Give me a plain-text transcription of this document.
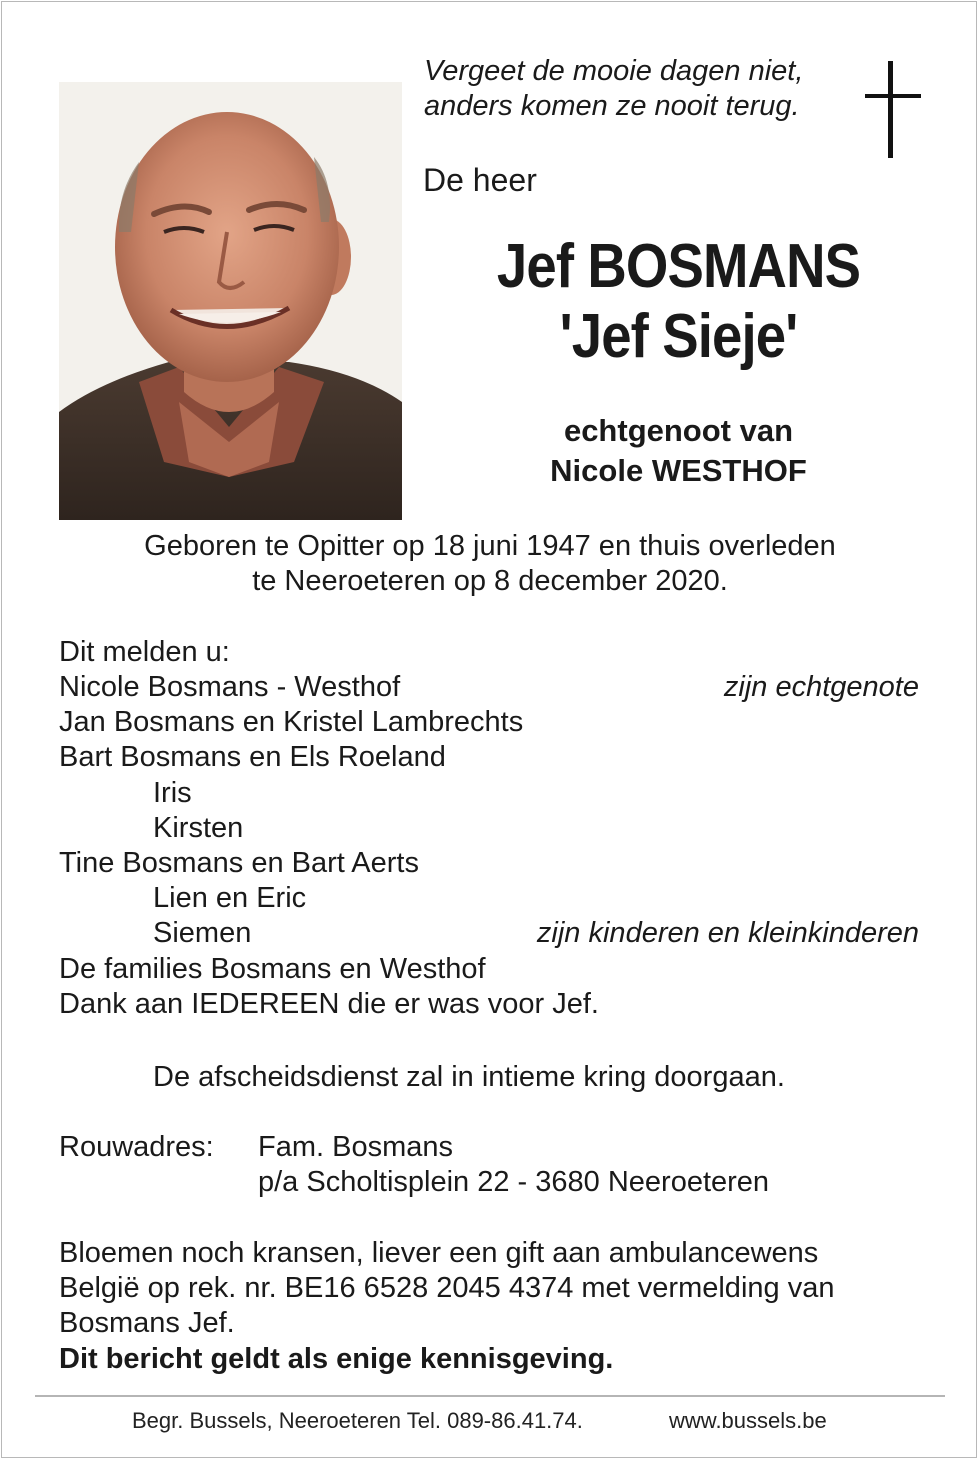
Vergeet de mooie dagen niet,
anders komen ze nooit terug.
De heer
Jef BOSMANS
'Jef Sieje'
echtgenoot van
Nicole WESTHOF
Geboren te Opitter op 18 juni 1947 en thuis overleden
te Neeroeteren op 8 december 2020.
Dit melden u:
Nicole Bosmans - Westhof	zijn echtgenote
Jan Bosmans en Kristel Lambrechts
Bart Bosmans en Els Roeland
Iris
Kirsten
Tine Bosmans en Bart Aerts
Lien en Eric
Siemen	zijn kinderen en kleinkinderen
De families Bosmans en Westhof
Dank aan IEDEREEN die er was voor Jef.
De afscheidsdienst zal in intieme kring doorgaan.
Rouwadres: Fam. Bosmans
p/a Scholtisplein 22 - 3680 Neeroeteren
Bloemen noch kransen, liever een gift aan ambulancewens
België op rek. nr. BE16 6528 2045 4374 met vermelding van
Bosmans Jef.
Dit bericht geldt als enige kennisgeving.
Begr. Bussels, Neeroeteren Tel. 089-86.41.74.	www.bussels.be
